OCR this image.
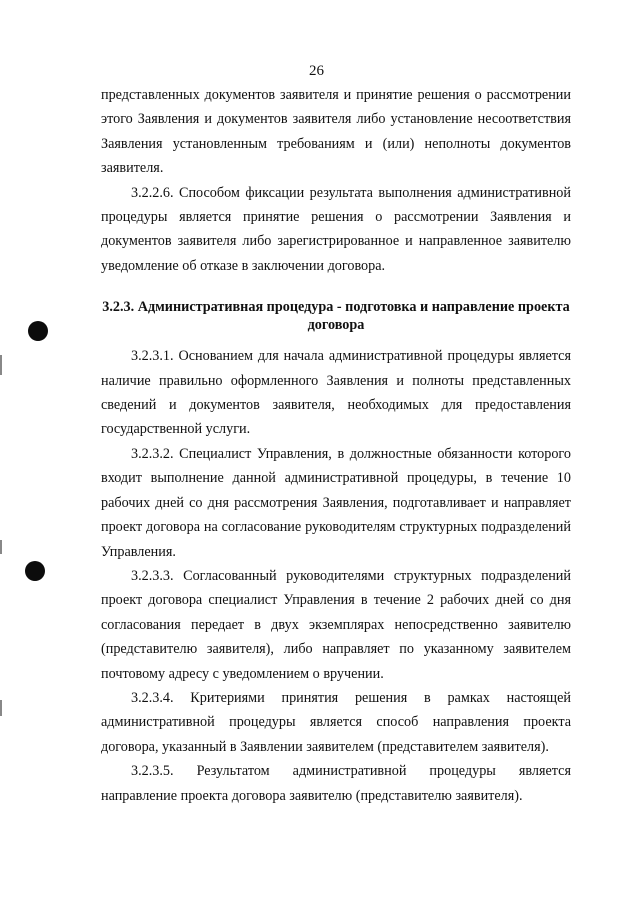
26

представленных документов заявителя и принятие решения о рассмотрении этого Заявления и документов заявителя либо установление несоответствия Заявления установленным требованиям и (или) неполноты документов заявителя.

3.2.2.6. Способом фиксации результата выполнения административной процедуры является принятие решения о рассмотрении Заявления и документов заявителя либо зарегистрированное и направленное заявителю уведомление об отказе в заключении договора.

3.2.3. Административная процедура - подготовка и направление проекта договора

3.2.3.1. Основанием для начала административной процедуры является наличие правильно оформленного Заявления и полноты представленных сведений и документов заявителя, необходимых для предоставления государственной услуги.

3.2.3.2. Специалист Управления, в должностные обязанности которого входит выполнение данной административной процедуры, в течение 10 рабочих дней со дня рассмотрения Заявления, подготавливает и направляет проект договора на согласование руководителям структурных подразделений Управления.

3.2.3.3. Согласованный руководителями структурных подразделений проект договора специалист Управления в течение 2 рабочих дней со дня согласования передает в двух экземплярах непосредственно заявителю (представителю заявителя), либо направляет по указанному заявителем почтовому адресу с уведомлением о вручении.

3.2.3.4. Критериями принятия решения в рамках настоящей административной процедуры является способ направления проекта договора, указанный в Заявлении заявителем (представителем заявителя).

3.2.3.5. Результатом административной процедуры является направление проекта договора заявителю (представителю заявителя).
